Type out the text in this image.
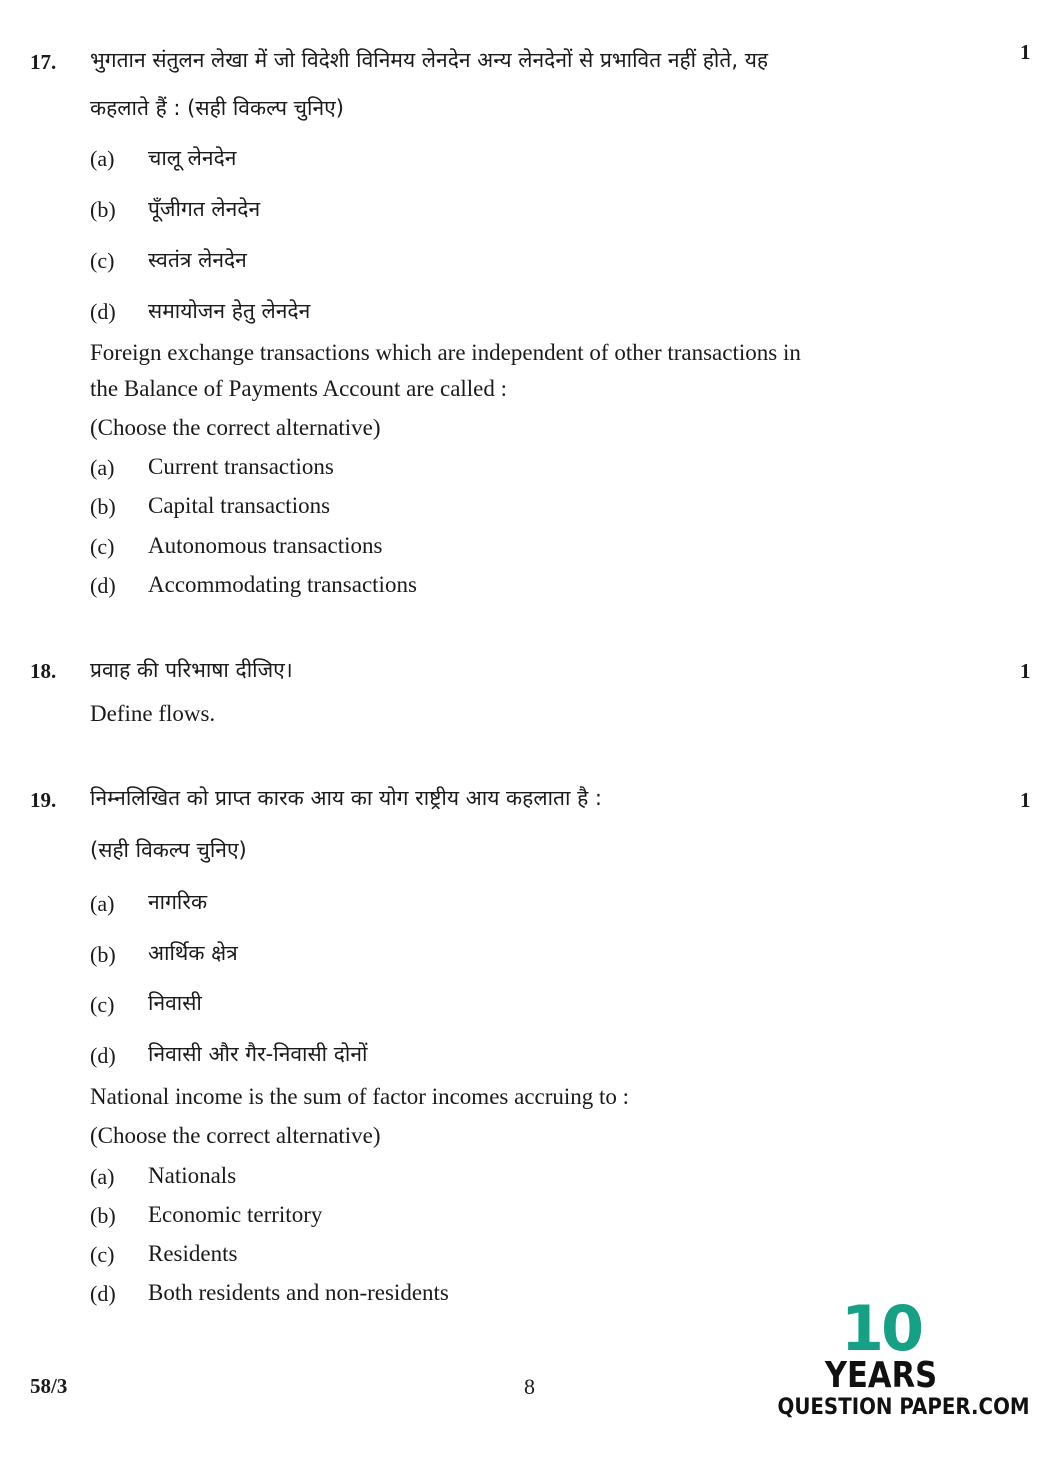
17.	1
भुगतान संतुलन लेखा में जो विदेशी विनिमय लेनदेन अन्य लेनदेनों से प्रभावित नहीं होते, यह
कहलाते हैं : (सही विकल्प चुनिए)
(a) चालू लेनदेन
(b) पूँजीगत लेनदेन
(c) स्वतंत्र लेनदेन
(d) समायोजन हेतु लेनदेन
Foreign exchange transactions which are independent of other transactions in
the Balance of Payments Account are called :
(Choose the correct alternative)
(a) Current transactions
(b) Capital transactions
(c) Autonomous transactions
(d) Accommodating transactions
18.	1
प्रवाह की परिभाषा दीजिए।
Define flows.
19.	1
निम्नलिखित को प्राप्त कारक आय का योग राष्ट्रीय आय कहलाता है :
(सही विकल्प चुनिए)
(a) नागरिक
(b) आर्थिक क्षेत्र
(c) निवासी
(d) निवासी और गैर-निवासी दोनों
National income is the sum of factor incomes accruing to :
(Choose the correct alternative)
(a) Nationals
(b) Economic territory
(c) Residents
(d) Both residents and non-residents
58/3	8
10
YEARS
QUESTION PAPER.COM
